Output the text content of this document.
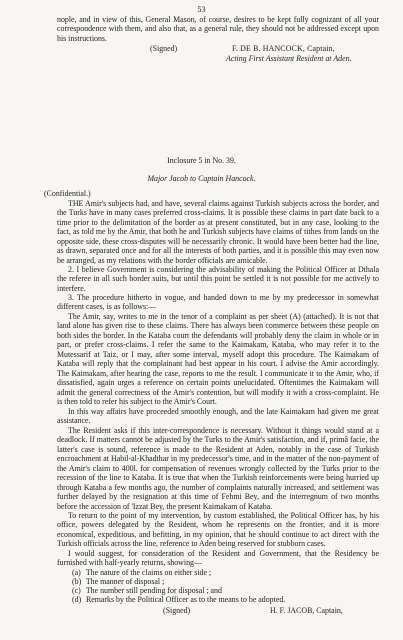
53
nople, and in view of this, General Mason, of course, desires to be kept fully cognizant of all your correspondence with them, and also that, as a general rule, they should not be addressed except upon his instructions.
(Signed)	F. DE B. HANCOCK, Captain,
Acting First Assistant Resident at Aden.
Inclosure 5 in No. 39.
Major Jacob to Captain Hancock.
(Confidential.)
THE Amir's subjects had, and have, several claims against Turkish subjects across the border, and the Turks have in many cases preferred cross-claims. It is possible these claims in part date back to a time prior to the delimitation of the border as at present constituted, but in any case, looking to the fact, as told me by the Amir, that both he and Turkish subjects have claims of tithes from lands on the opposite side, these cross-disputes will be necessarily chronic. It would have been better had the line, as drawn, separated once and for all the interests of both parties, and it is possible this may even now be arranged, as my relations with the border officials are amicable.
2. I believe Government is considering the advisability of making the Political Officer at Dthala the referee in all such border suits, but until this point be settled it is not possible for me actively to interfere.
3. The procedure hitherto in vogue, and handed down to me by my predecessor in somewhat different cases, is as follows:—
The Amir, say, writes to me in the tenor of a complaint as per sheet (A) (attached). It is not that land alone has given rise to these claims. There has always been commerce between these people on both sides the border. In the Kataba court the defendants will probably deny the claim in whole or in part, or prefer cross-claims. I refer the same to the Kaimakam, Kataba, who may refer it to the Mutessarif at Taiz, or I may, after some interval, myself adopt this procedure. The Kaimakam of Kataba will reply that the complainant had best appear in his court. I advise the Amir accordingly. The Kaimakam, after hearing the case, reports to me the result. I communicate it to the Amir, who, if dissatisfied, again urges a reference on certain points unelucidated. Oftentimes the Kaimakam will admit the general correctness of the Amir's contention, but will modify it with a cross-complaint. He is then told to refer his subject to the Amir's Court.
In this way affairs have proceeded smoothly enough, and the late Kaimakam had given me great assistance.
The Resident asks if this inter-correspondence is necessary. Without it things would stand at a deadlock. If matters cannot be adjusted by the Turks to the Amir's satisfaction, and if, primâ facie, the latter's case is sound, reference is made to the Resident at Aden, notably in the case of Turkish encroachment at Habil-al-Khadthar in my predecessor's time, and in the matter of the non-payment of the Amir's claim to 400l. for compensation of revenues wrongly collected by the Turks prior to the recession of the line to Kataba. It is true that when the Turkish reinforcements were being hurried up through Kataba a few months ago, the number of complaints naturally increased, and settlement was further delayed by the resignation at this time of Fehmi Bey, and the interregnum of two months before the accession of 'Izzat Bey, the present Kaimakam of Kataba.
To return to the point of my intervention, by custom established, the Political Officer has, by his office, powers delegated by the Resident, whom he represents on the frontier, and it is more economical, expeditious, and befitting, in my opinion, that he should continue to act direct with the Turkish officials across the line, reference to Aden being reserved for stubborn cases.
I would suggest, for consideration of the Resident and Government, that the Residency be furnished with half-yearly returns, showing—
(a) The nature of the claims on either side ;
(b) The manner of disposal ;
(c) The number still pending for disposal ; and
(d) Remarks by the Political Officer as to the means to be adopted.
(Signed)	H. F. JACOB, Captain,
